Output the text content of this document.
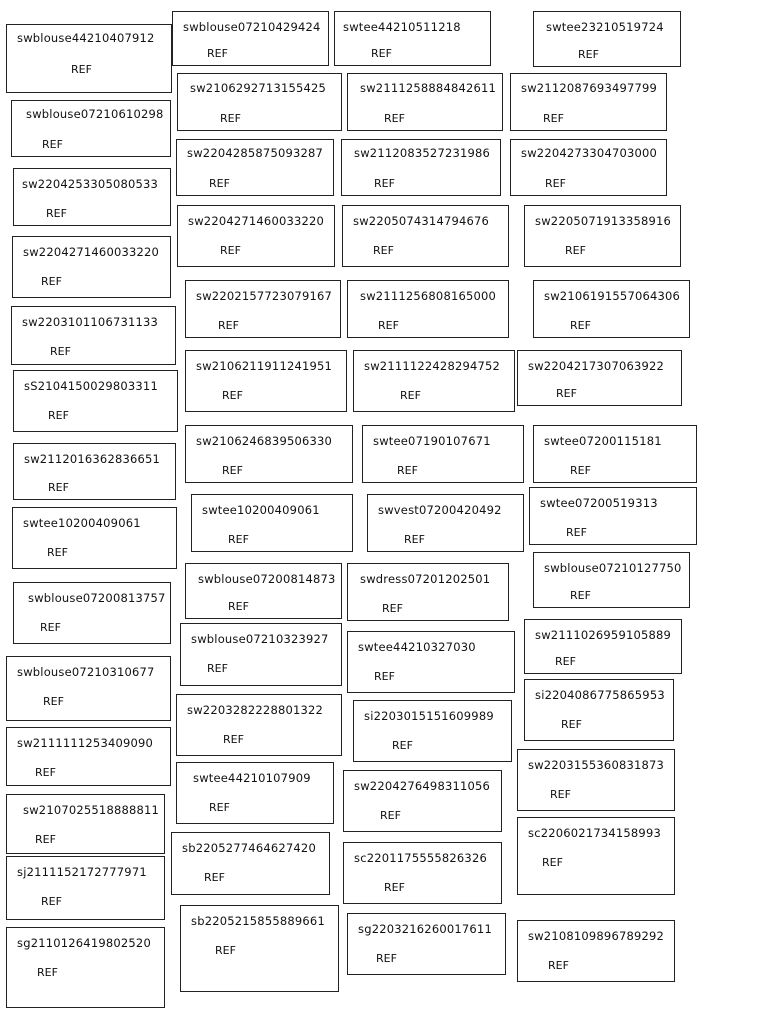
swblouse44210407912
REF
swblouse07210429424
REF
swtee44210511218
REF
swtee23210519724
REF
sw2106292713155425
REF
sw2111258884842611
REF
sw2112087693497799
REF
swblouse07210610298
REF
sw2204285875093287
REF
sw2112083527231986
REF
sw2204273304703000
REF
sw2204253305080533
REF
sw2204271460033220
REF
sw2205074314794676
REF
sw2205071913358916
REF
sw2204271460033220
REF
sw2202157723079167
REF
sw2111256808165000
REF
sw2106191557064306
REF
sw2203101106731133
REF
sw2106211911241951
REF
sw2111122428294752
REF
sw2204217307063922
REF
sS2104150029803311
REF
sw2106246839506330
REF
swtee07190107671
REF
swtee07200115181
REF
sw2112016362836651
REF
swtee10200409061
REF
swvest07200420492
REF
swtee07200519313
REF
swtee10200409061
REF
swblouse07200814873
REF
swdress07201202501
REF
swblouse07210127750
REF
swblouse07200813757
REF
swblouse07210323927
REF
swtee44210327030
REF
sw2111026959105889
REF
swblouse07210310677
REF
sw2203282228801322
REF
si2203015151609989
REF
si2204086775865953
REF
sw2111111253409090
REF	swtee44210107909
REF
sw2204276498311056
REF
sw2203155360831873
REF
sw2107025518888811
REF
sb2205277464627420
REF
sc2201175555826326
REF
sc2206021734158993
REF
sj2111152172777971
REF
sb2205215855889661
REF
sg2203216260017611
REF
sw2108109896789292
REF
sg2110126419802520
REF
